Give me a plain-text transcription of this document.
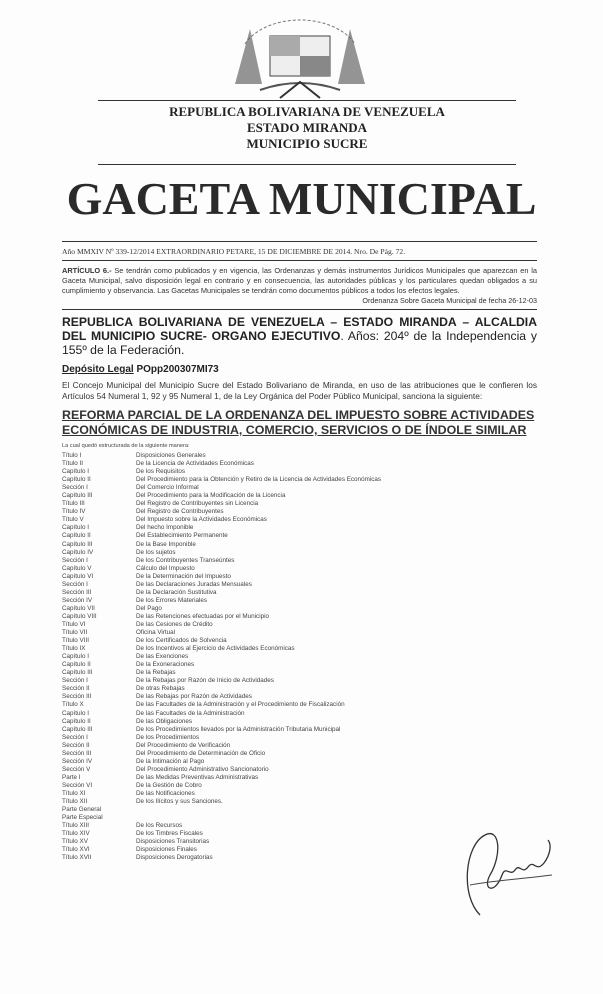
REPUBLICA BOLIVARIANA DE VENEZUELA
ESTADO MIRANDA
MUNICIPIO SUCRE
GACETA MUNICIPAL
Año MMXIV Nº 339-12/2014 EXTRAORDINARIO PETARE, 15 DE DICIEMBRE DE 2014. Nro. De Pág. 72.
ARTÍCULO 6.- Se tendrán como publicados y en vigencia, las Ordenanzas y demás instrumentos Jurídicos Municipales que aparezcan en la Gaceta Municipal, salvo disposición legal en contrario y en consecuencia, las autoridades públicas y los particulares quedan obligados a su cumplimiento y observancia. Las Gacetas Municipales se tendrán como documentos públicos a todos los efectos legales.
Ordenanza Sobre Gaceta Municipal de fecha 26-12-03
REPUBLICA BOLIVARIANA DE VENEZUELA – ESTADO MIRANDA – ALCALDIA DEL MUNICIPIO SUCRE- ORGANO EJECUTIVO. Años: 204º de la Independencia y 155º de la Federación.
Depósito Legal POpp200307MI73
El Concejo Municipal del Municipio Sucre del Estado Bolivariano de Miranda, en uso de las atribuciones que le confieren los Artículos 54 Numeral 1, 92 y 95 Numeral 1, de la Ley Orgánica del Poder Público Municipal, sanciona la siguiente:
REFORMA PARCIAL DE LA ORDENANZA DEL IMPUESTO SOBRE ACTIVIDADES ECONÓMICAS DE INDUSTRIA, COMERCIO, SERVICIOS O DE ÍNDOLE SIMILAR
La cual quedó estructurada de la siguiente manera:
Título I	Disposiciones Generales
Título II	De la Licencia de Actividades Económicas
Capítulo I	De los Requisitos
Capítulo II	Del Procedimiento para la Obtención y Retiro de la Licencia de Actividades Económicas
Sección I	Del Comercio Informal
Capítulo III	Del Procedimiento para la Modificación de la Licencia
Título III	Del Registro de Contribuyentes sin Licencia
Título IV	Del Registro de Contribuyentes
Título V	Del Impuesto sobre la Actividades Económicas
Capítulo I	Del hecho Imponible
Capítulo II	Del Establecimiento Permanente
Capítulo III	De la Base Imponible
Capítulo IV	De los sujetos
Sección I	De los Contribuyentes Transeúntes
Capítulo V	Cálculo del Impuesto
Capítulo VI	De la Determinación del Impuesto
Sección I	De las Declaraciones Juradas Mensuales
Sección III	De la Declaración Sustitutiva
Sección IV	De los Errores Materiales
Capítulo VII	Del Pago
Capítulo VIII	De las Retenciones efectuadas por el Municipio
Título VI	De las Cesiones de Crédito
Título VII	Oficina Virtual
Título VIII	De los Certificados de Solvencia
Título IX	De los Incentivos al Ejercicio de Actividades Económicas
Capítulo I	De las Exenciones
Capítulo II	De la Exoneraciones
Capítulo III	De la Rebajas
Sección I	De la Rebajas por Razón de Inicio de Actividades
Sección II	De otras Rebajas
Sección III	De las Rebajas por Razón de Actividades
Título X	De las Facultades de la Administración y el Procedimiento de Fiscalización
Capítulo I	De las Facultades de la Administración
Capítulo II	De las Obligaciones
Capítulo III	De los Procedimientos llevados por la Administración Tributaria Municipal
Sección I	De los Procedimientos
Sección II	Del Procedimiento de Verificación
Sección III	Del Procedimiento de Determinación de Oficio
Sección IV	De la Intimación al Pago
Sección V	Del Procedimiento Administrativo Sancionatorio
Parte I	De las Medidas Preventivas Administrativas
Sección VI	De la Gestión de Cobro
Título XI	De las Notificaciones
Título XII	De los Ilícitos y sus Sanciones.
Parte General
Parte Especial
Título XIII	De los Recursos
Título XIV	De los Timbres Fiscales
Título XV	Disposiciones Transitorias
Título XVI	Disposiciones Finales
Título XVII	Disposiciones Derogatorias
